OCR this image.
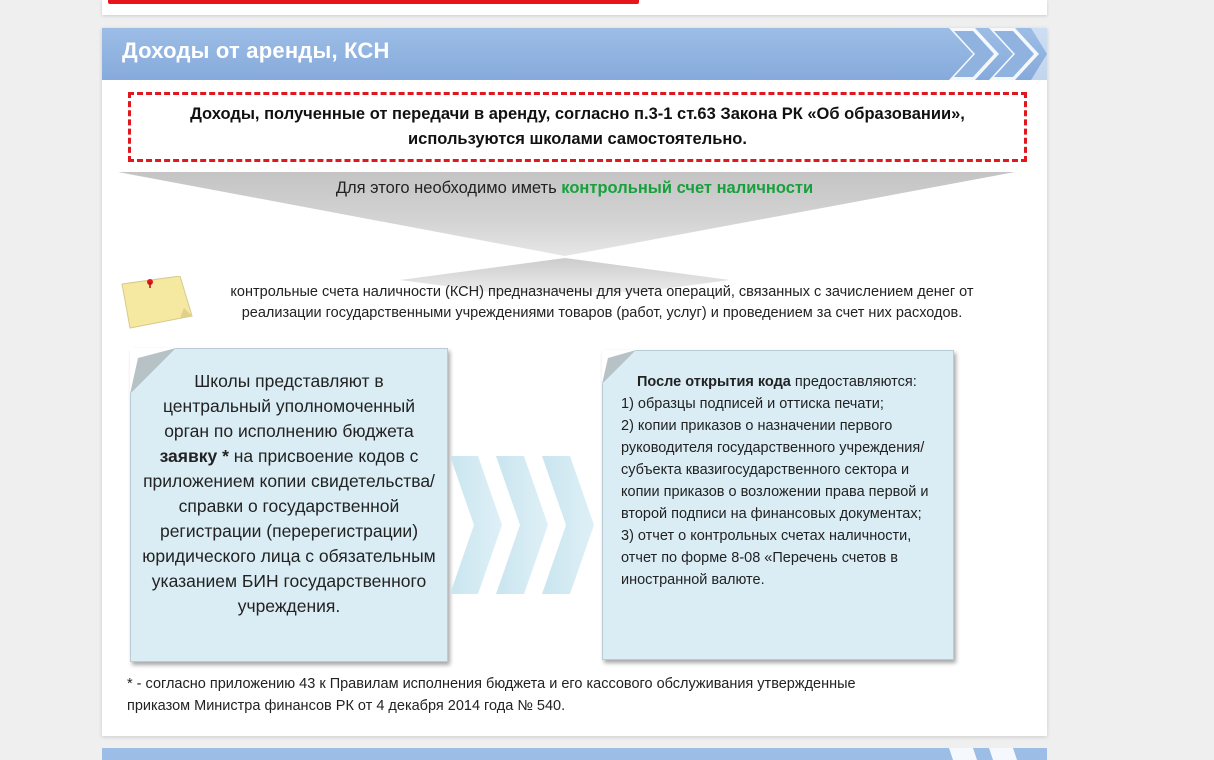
Доходы от аренды, КСН
Доходы, полученные от передачи в аренду, согласно п.3-1 ст.63 Закона РК «Об образовании»,
используются школами самостоятельно.
Для этого необходимо иметь контрольный счет наличности
контрольные счета наличности (КСН) предназначены для учета операций, связанных с зачислением денег от
реализации государственными учреждениями товаров (работ, услуг) и проведением за счет них расходов.
Школы представляют в центральный уполномоченный орган по исполнению бюджета заявку * на присвоение кодов с приложением копии свидетельства/справки о государственной регистрации (перерегистрации) юридического лица с обязательным указанием БИН государственного учреждения.
После открытия кода предоставляются:
1) образцы подписей и оттиска печати;
2) копии приказов о назначении первого руководителя государственного учреждения/субъекта квазигосударственного сектора и копии приказов о возложении права первой и второй подписи на финансовых документах;
3) отчет о контрольных счетах наличности, отчет по форме 8-08 «Перечень счетов в иностранной валюте.
* - согласно приложению 43 к Правилам исполнения бюджета и его кассового обслуживания утвержденные
приказом Министра финансов РК от 4 декабря 2014 года № 540.
